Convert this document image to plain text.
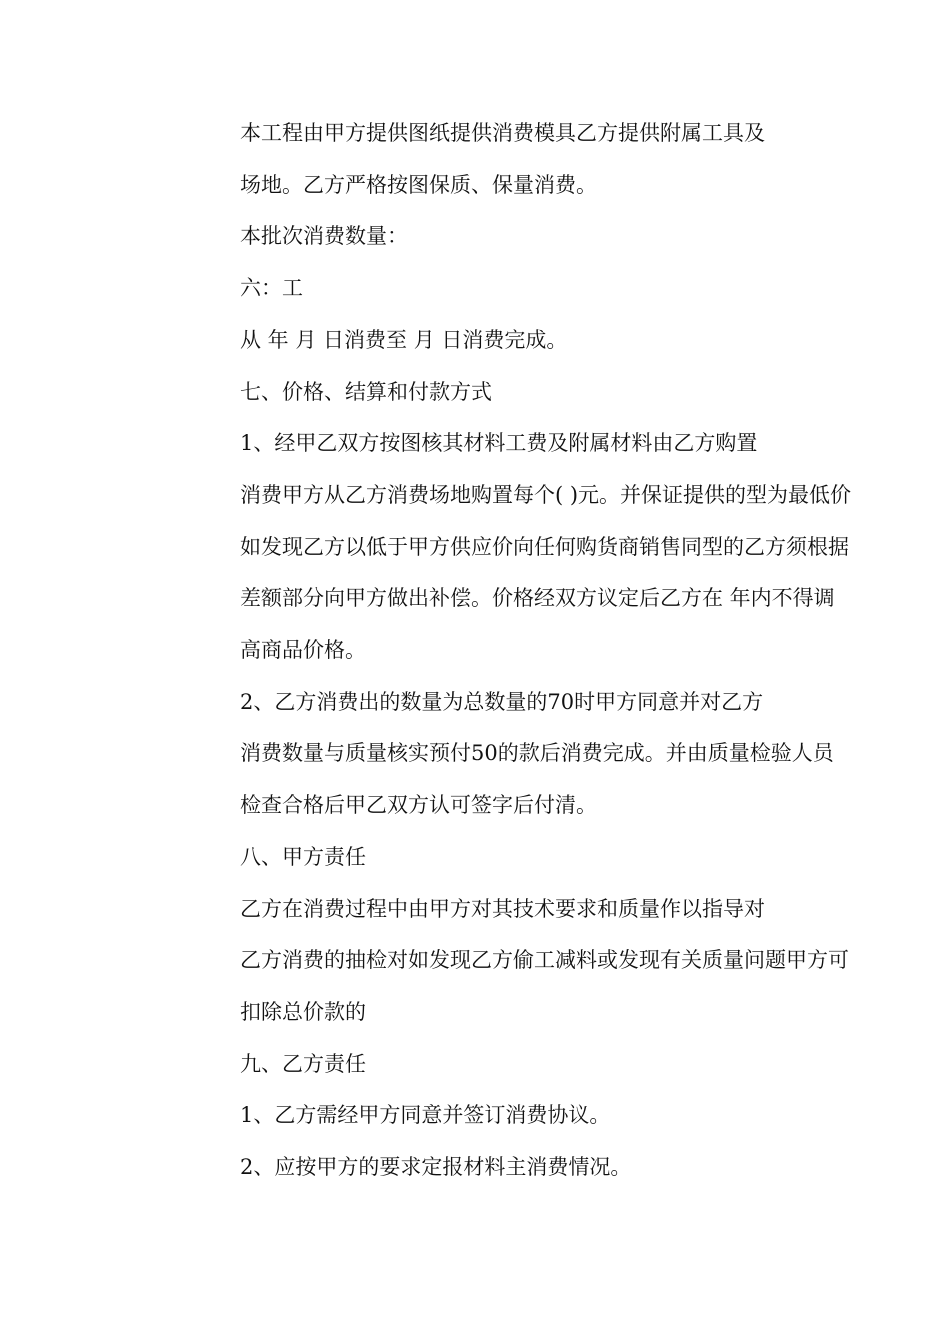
本工程由甲方提供图纸提供消费模具乙方提供附属工具及
场地。乙方严格按图保质、保量消费。

本批次消费数量：

六：工

从 年 月 日消费至 月 日消费完成。

七、价格、结算和付款方式

1、经甲乙双方按图核其材料工费及附属材料由乙方购置
消费甲方从乙方消费场地购置每个( )元。并保证提供的型为最低价
如发现乙方以低于甲方供应价向任何购货商销售同型的乙方须根据
差额部分向甲方做出补偿。价格经双方议定后乙方在 年内不得调
高商品价格。

2、乙方消费出的数量为总数量的70时甲方同意并对乙方
消费数量与质量核实预付50的款后消费完成。并由质量检验人员
检查合格后甲乙双方认可签字后付清。

八、甲方责任

乙方在消费过程中由甲方对其技术要求和质量作以指导对
乙方消费的抽检对如发现乙方偷工减料或发现有关质量问题甲方可
扣除总价款的

九、乙方责任

1、乙方需经甲方同意并签订消费协议。

2、应按甲方的要求定报材料主消费情况。
